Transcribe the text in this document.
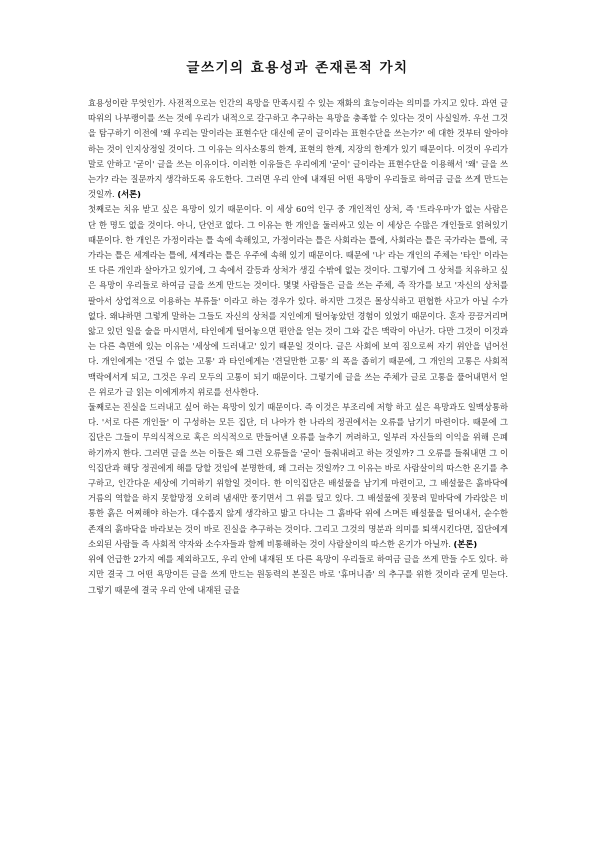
글쓰기의 효용성과 존재론적 가치

효용성이란 무엇인가. 사전적으로는 인간의 욕망을 만족시킬 수 있는 재화의 효능이라는 의미를 가지고 있다. 과연 글 따위의 나부랭이를 쓰는 것에 우리가 내적으로 갈구하고 추구하는 욕망을 충족할 수 있다는 것이 사실일까. 우선 그것을 탐구하기 이전에 '왜 우리는 말이라는 표현수단 대신에 굳이 글이라는 표현수단을 쓰는가?' 에 대한 것부터 알아야 하는 것이 인지상정일 것이다. 그 이유는 의사소통의 한계, 표현의 한계, 지장의 한계가 있기 때문이다. 이것이 우리가 말로 안하고 '굳이' 글을 쓰는 이유이다. 이러한 이유들은 우리에게 '굳이' 글이라는 표현수단을 이용해서 '왜' 글을 쓰는가? 라는 질문까지 생각하도록 유도한다. 그러면 우리 안에 내재된 어떤 욕망이 우리들로 하여금 글을 쓰게 만드는 것일까. (서론)

첫째로는 치유 받고 싶은 욕망이 있기 때문이다. 이 세상 60억 인구 중 개인적인 상처, 즉 '트라우마'가 없는 사람은 단 한 명도 없을 것이다. 아니, 단언코 없다. 그 이유는 한 개인을 둘러싸고 있는 이 세상은 수많은 개인들로 얽혀있기 때문이다. 한 개인은 가정이라는 틀 속에 속해있고, 가정이라는 틀은 사회라는 틀에, 사회라는 틀은 국가라는 틀에, 국가라는 틀은 세계라는 틀에, 세계라는 틀은 우주에 속해 있기 때문이다. 때문에 '나' 라는 개인의 주체는 '타인' 이라는 또 다른 개인과 살아가고 있기에, 그 속에서 갈등과 상처가 생길 수밖에 없는 것이다. 그렇기에 그 상처를 치유하고 싶은 욕망이 우리들로 하여금 글을 쓰게 만드는 것이다. 몇몇 사람들은 글을 쓰는 주체, 즉 작가를 보고 '자신의 상처를 팔아서 상업적으로 이용하는 부류들' 이라고 하는 경우가 있다. 하지만 그것은 몰상식하고 편협한 사고가 아닐 수가 없다. 왜냐하면 그렇게 말하는 그들도 자신의 상처를 지인에게 털어놓았던 경험이 있었기 때문이다. 혼자 끙끙거리며 앓고 있던 일을 술을 마시면서, 타인에게 털어놓으면 편안을 얻는 것이 그와 같은 맥락이 아닌가. 다만 그것이 이것과는 다른 측면에 있는 이유는 '세상에 드러내고' 있기 때문일 것이다. 글은 사회에 보여 짐으로써 자기 위안을 넘어선다. 개인에게는 '견딜 수 없는 고통' 과 타인에게는 '견딜만한 고통' 의 폭을 좁히기 때문에, 그 개인의 고통은 사회적 맥락에서게 되고, 그것은 우리 모두의 고통이 되기 때문이다. 그렇기에 글을 쓰는 주체가 글로 고통을 풀어내면서 얻은 위로가 글 읽는 이에게까지 위로를 선사한다.

둘째로는 진실을 드러내고 싶어 하는 욕망이 있기 때문이다. 즉 이것은 부조리에 저항 하고 싶은 욕망과도 일맥상통하다. '서로 다른 개인들' 이 구성하는 모든 집단, 더 나아가 한 나라의 정권에서는 오류를 남기기 마련이다. 때문에 그 집단은 그들이 무의식적으로 혹은 의식적으로 만들어낸 오류를 늘추기 꺼려하고, 일부러 자신들의 이익을 위해 은폐하기까지 한다. 그러면 글을 쓰는 이들은 왜 그런 오류들을 '굳이' 들춰내려고 하는 것일까? 그 오류를 들춰내면 그 이익집단과 해당 정권에게 해를 당할 것임에 분명한데, 왜 그러는 것일까? 그 이유는 바로 사람살이의 따스한 온기를 추구하고, 인간다운 세상에 기여하기 위함일 것이다. 한 이익집단은 배설물을 남기게 마련이고, 그 배설물은 흙바닥에 거름의 역할을 하지 못할망정 오히려 냄새만 풍기면서 그 위를 덮고 있다. 그 배설물에 짓뭉려 밑바닥에 가라앉은 비통한 흙은 어찌해야 하는가. 대수롭지 않게 생각하고 밟고 다니는 그 흙바닥 위에 스며든 배설물을 털어내서, 순수한 존재의 흙바닥을 바라보는 것이 바로 진실을 추구하는 것이다. 그리고 그것의 명분과 의미를 퇴색시킨다면, 집단에게 소외된 사람들 즉 사회적 약자와 소수자들과 함께 비통해하는 것이 사람살이의 따스한 온기가 아닐까. (본론)

위에 언급한 2가지 예를 제외하고도, 우리 안에 내재된 또 다른 욕망이 우리들로 하여금 글을 쓰게 만들 수도 있다. 하지만 결국 그 어떤 욕망이든 글을 쓰게 만드는 원동력의 본질은 바로 '휴머니즘' 의 추구를 위한 것이라 굳게 믿는다. 그렇기 때문에 결국 우리 안에 내재된 글을
